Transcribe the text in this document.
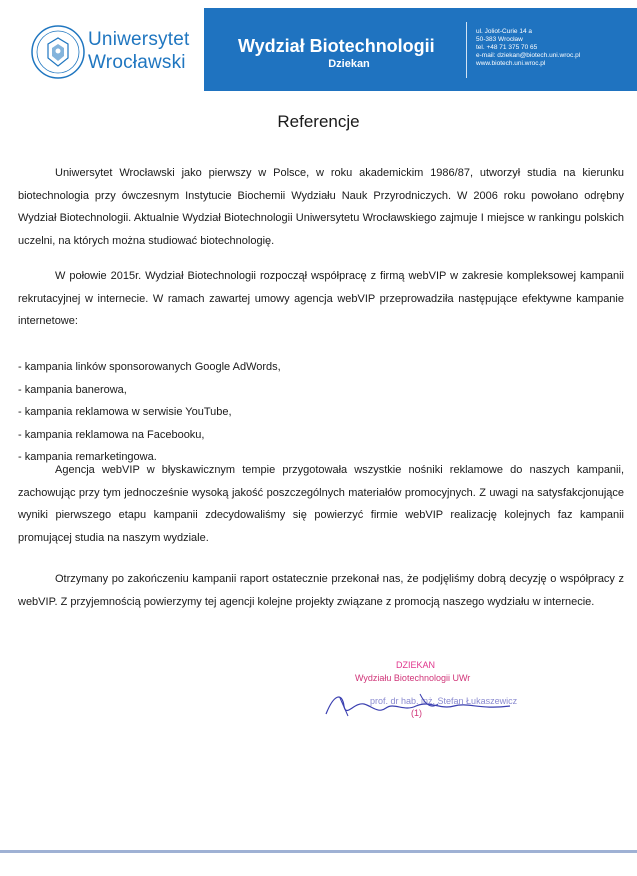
Uniwersytet
Wrocławski
Wydział Biotechnologii
Dziekan
ul. Joliot-Curie 14 a
50-383 Wrocław
tel. +48 71 375 70 65
e-mail: dziekan@biotech.uni.wroc.pl
www.biotech.uni.wroc.pl
Referencje
Uniwersytet Wrocławski jako pierwszy w Polsce, w roku akademickim 1986/87, utworzył studia na kierunku biotechnologia przy ówczesnym Instytucie Biochemii Wydziału Nauk Przyrodniczych. W 2006 roku powołano odrębny Wydział Biotechnologii. Aktualnie Wydział Biotechnologii Uniwersytetu Wrocławskiego zajmuje I miejsce w rankingu polskich uczelni, na których można studiować biotechnologię.
W połowie 2015r. Wydział Biotechnologii rozpoczął współpracę z firmą webVIP w zakresie kompleksowej kampanii rekrutacyjnej w internecie. W ramach zawartej umowy agencja webVIP przeprowadziła następujące efektywne kampanie internetowe:
- kampania linków sponsorowanych Google AdWords,
- kampania banerowa,
- kampania reklamowa w serwisie YouTube,
- kampania reklamowa na Facebooku,
- kampania remarketingowa.
Agencja webVIP w błyskawicznym tempie przygotowała wszystkie nośniki reklamowe do naszych kampanii, zachowując przy tym jednocześnie wysoką jakość poszczególnych materiałów promocyjnych. Z uwagi na satysfakcjonujące wyniki pierwszego etapu kampanii zdecydowaliśmy się powierzyć firmie webVIP realizację kolejnych faz kampanii promującej studia na naszym wydziale.
Otrzymany po zakończeniu kampanii raport ostatecznie przekonał nas, że podjęliśmy dobrą decyzję o współpracy z webVIP. Z przyjemnością powierzymy tej agencji kolejne projekty związane z promocją naszego wydziału w internecie.
DZIEKAN
Wydziału Biotechnologii UWr
prof. dr hab. inż. Stefan Łukaszewicz
(1)
